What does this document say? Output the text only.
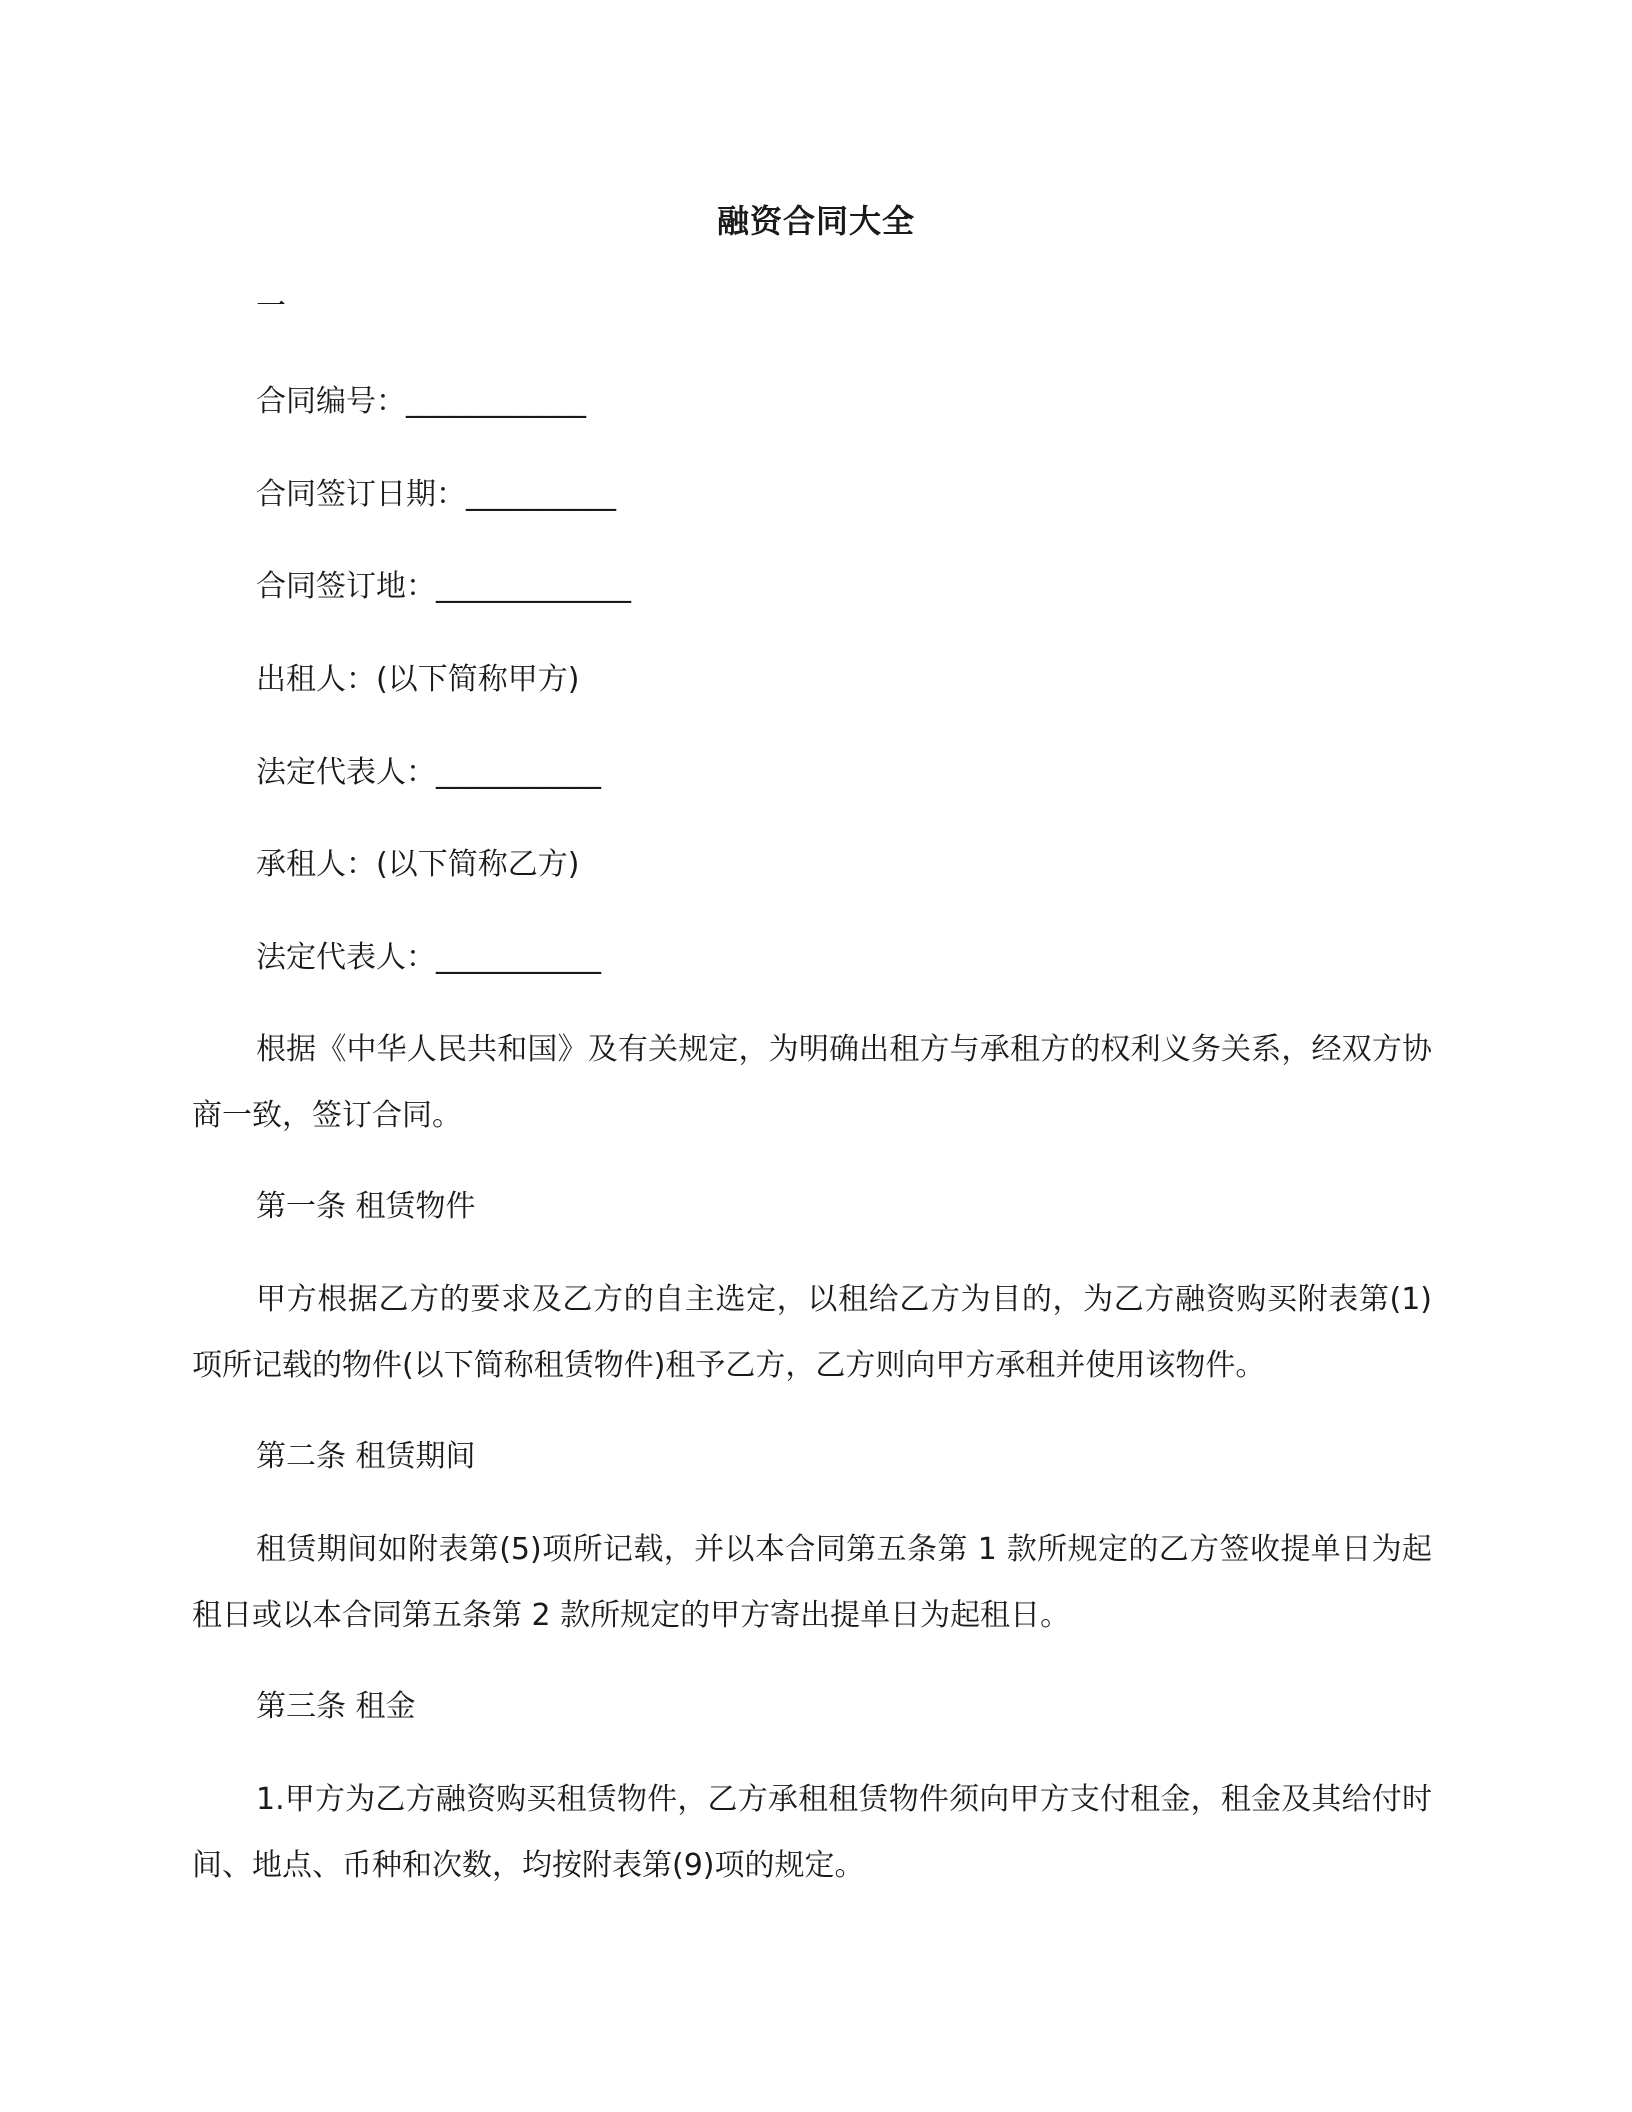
融资合同大全
一
合同编号：____________
合同签订日期：__________
合同签订地：_____________
出租人：(以下简称甲方)
法定代表人：___________
承租人：(以下简称乙方)
法定代表人：___________
根据《中华人民共和国》及有关规定，为明确出租方与承租方的权利义务关系，经双方协商一致，签订合同。
第一条 租赁物件
甲方根据乙方的要求及乙方的自主选定，以租给乙方为目的，为乙方融资购买附表第(1)项所记载的物件(以下简称租赁物件)租予乙方，乙方则向甲方承租并使用该物件。
第二条 租赁期间
租赁期间如附表第(5)项所记载，并以本合同第五条第 1 款所规定的乙方签收提单日为起租日或以本合同第五条第 2 款所规定的甲方寄出提单日为起租日。
第三条 租金
1.甲方为乙方融资购买租赁物件，乙方承租租赁物件须向甲方支付租金，租金及其给付时间、地点、币种和次数，均按附表第(9)项的规定。
